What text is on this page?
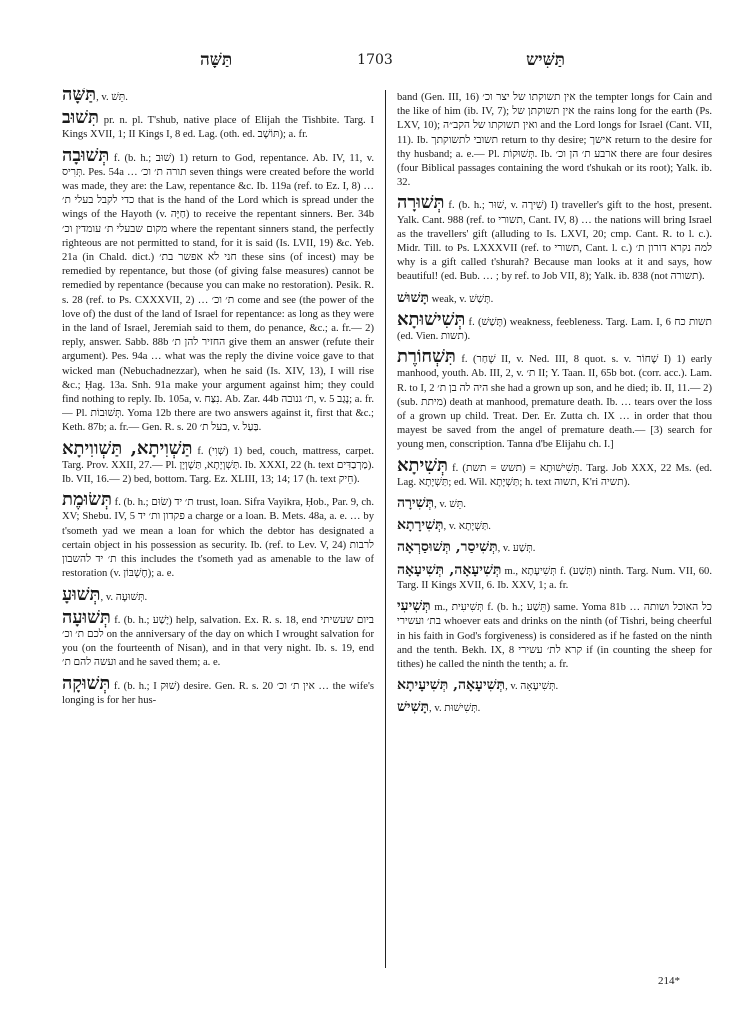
תַּשָּׁה	1703	תַּשִּׁיש

תַּשָּׁה, v. תֵּשׁ.

תִּשׁוּב pr. n. pl. T'shub, native place of Elijah the Tishbite. Targ. I Kings XVII, 1; II Kings I, 8 ed. Lag. (oth. ed. תּוֹשָׁב); a. fr.

תְּשׁוּבָה f. (b. h.; שׁוּב) 1) return to God, repentance. Ab. IV, 11, v. תְּרִיס. Pes. 54a … תורה ת׳ וכ׳ seven things were created before the world was made, they are: the Law, repentance &c. Ib. 119a (ref. to Ez. I, 8) … כדי לקבל בעלי ת׳ that is the hand of the Lord which is spread under the wings of the Hayoth (v. חַיָּה) to receive the repentant sinners. Ber. 34b מקום שבעלי ת׳ עומדין וכ׳ where the repentant sinners stand, the perfectly righteous are not permitted to stand, for it is said (Is. LVII, 19) &c. Yeb. 21a (in Chald. dict.) חני לא אפשר בת׳ these sins (of incest) may be remedied by repentance, but those (of giving false measures) cannot be remedied by repentance (because you can make no restoration). Pesik. R. s. 28 (ref. to Ps. CXXXVII, 2) … ת׳ וכ׳ come and see (the power of the love of) the dust of the land of Israel for repentance: as long as they were in the land of Israel, Jeremiah said to them, do penance, &c.; a. fr.— 2) reply, answer. Sabb. 88b החזיר להן ת׳ give them an answer (refute their argument). Pes. 94a … what was the reply the divine voice gave to that wicked man (Nebuchadnezzar), when he said (Is. XIV, 13), I will rise &c.; Ḥag. 13a. Snh. 91a make your argument against him; they could find nothing to reply. Ib. 105a, v. נִצַּח. Ab. Zar. 44b ת׳ גנובה, v. 5 נָגַב; a. fr.— Pl. תְּשׁוּבוֹת. Yoma 12b there are two answers against it, first that &c.; Keth. 87b; a. fr.— Gen. R. s. 20 בעל ת׳, v. בַּעַל.

תַּשְׁוִיתָא, תַּשְׁווִיתָא f. (שְׁוִי) 1) bed, couch, mattress, carpet. Targ. Prov. XXII, 27.— Pl. תַּשְׁוְיָתָא, תַּשְׁוְיָן. Ib. XXXI, 22 (h. text מַרְבַדִּים). Ib. VII, 16.— 2) bed, bottom. Targ. Ez. XLIII, 13; 14; 17 (h. text חֵיק).

תְּשׂוּמֶת f. (b. h.; שׂוּם) ת׳ יד trust, loan. Sifra Vayikra, Ḥob., Par. 9, ch. XV; Shebu. IV, 5 פקדון ות׳ יד a charge or a loan. B. Mets. 48a, a. e. … by t'someth yad we mean a loan for which the debtor has designated a certain object in his possession as security. Ib. (ref. to Lev. V, 24) לרבות ת׳ יד להשבון this includes the t'someth yad as amenable to the law of restoration (v. חֶשְׁבּוֹן); a. e.

תְּשׁוּעָ, v. תְּשׁוּעָה.

תְּשׁוּעָה f. (b. h.; יָשַׁע) help, salvation. Ex. R. s. 18, end ביום שעשיתי לכם ת׳ וכ׳ on the anniversary of the day on which I wrought salvation for you (on the fourteenth of Nisan), and in that very night. Ib. s. 19, end ועשה להם ת׳ and he saved them; a. e.

תְּשׁוּקָה f. (b. h.; I שׁוּק) desire. Gen. R. s. 20 אין ת׳ וכ׳ … the wife's longing is for her hus-

band (Gen. III, 16) אין תשוקתו של יצר וכ׳ the tempter longs for Cain and the like of him (ib. IV, 7); אין תשוקתן של the rains long for the earth (Ps. LXV, 10); ואין תשוקתו של הקב״ה and the Lord longs for Israel (Cant. VII, 11). Ib. תשובי לתשוקתך return to thy desire; אישך return to the desire for thy husband; a. e.— Pl. תְּשׁוּקוֹת. Ib. ארבע ת׳ הן וכ׳ there are four desires (four Biblical passages containing the word t'shukah or its root); Yalk. ib. 32.

תְּשׁוּרָה f. (b. h.; שׁוּר, v. שִׁירָה) I) traveller's gift to the host, present. Yalk. Cant. 988 (ref. to תשורי, Cant. IV, 8) … the nations will bring Israel as the travellers' gift (alluding to Is. LXVI, 20; cmp. Cant. R. to l. c.). Midr. Till. to Ps. LXXXVII (ref. to תשורי, Cant. l. c.) למה נקרא דורון ת׳ why is a gift called t'shurah? Because man looks at it and says, how beautiful! (ed. Bub. … ; by ref. to Job VII, 8); Yalk. ib. 838 (not תשורה).

תָּשׁוּשׁ weak, v. תָּשַׁשׁ.

תְּשִׁישׁוּתָא f. (תָּשַׁשׁ) weakness, feebleness. Targ. Lam. I, 6 תשות כח (ed. Vien. תשות).

תִּשְׁחוֹרֶת f. (שָׁחַר II, v. Ned. III, 8 quot. s. v. שָׁחוֹר I) 1) early manhood, youth. Ab. III, 2, v. ת׳ II; Y. Taan. II, 65b bot. (corr. acc.). Lam. R. to I, 2 היה לה בן ת׳ she had a grown up son, and he died; ib. II, 11.— 2) (sub. מיתת) death at manhood, premature death. Ib. … tears over the loss of a grown up child. Treat. Der. Er. Zutta ch. IX … in order that thou mayest be saved from the angel of premature death.— [3) search for young men, conscription. Tanna d'be Elijahu ch. I.]

תְּשִׁיתָא f. (תשש = תשת) = תְּשִׁישׁוּתָא. Targ. Job XXX, 22 Ms. (ed. Lag. תַּשְׁיָתָא; ed. Wil. תַּשְׁיָתָא; h. text תשוה, K'ri תשיה).

תְּשִׁירָה, v. תֵּשׁ.

תְּשִׁירָתָא, v. תַּשְׁיָתָא.

תְּשִׁיסַר, תְּשׁוּסַרְאָה, v. תְּשַׁע.

תְּשִׁיעָאָה, תְּשִׁיעָאָה m., תְּשִׁיעָתָא f. (תְּשַׁע) ninth. Targ. Num. VII, 60. Targ. II Kings XVII, 6. Ib. XXV, 1; a. fr.

תְּשִׁיעִי m., תְּשִׁיעִית f. (b. h.; תֵּשַׁע) same. Yoma 81b כל האוכל ושותה … בת׳ ועשירי whoever eats and drinks on the ninth (of Tishri, being cheerful in his faith in God's forgiveness) is considered as if he fasted on the ninth and the tenth. Bekh. IX, 8 קרא לת׳ עשירי if (in counting the sheep for tithes) he called the ninth the tenth; a. fr.

תְּשִׁיעָאָה, תְּשִׁיעָיתָא, v. תְּשִׁיעָאָה.

תָּשִׁישׁ, v. תְּשִׁישׁוּת.

214*
